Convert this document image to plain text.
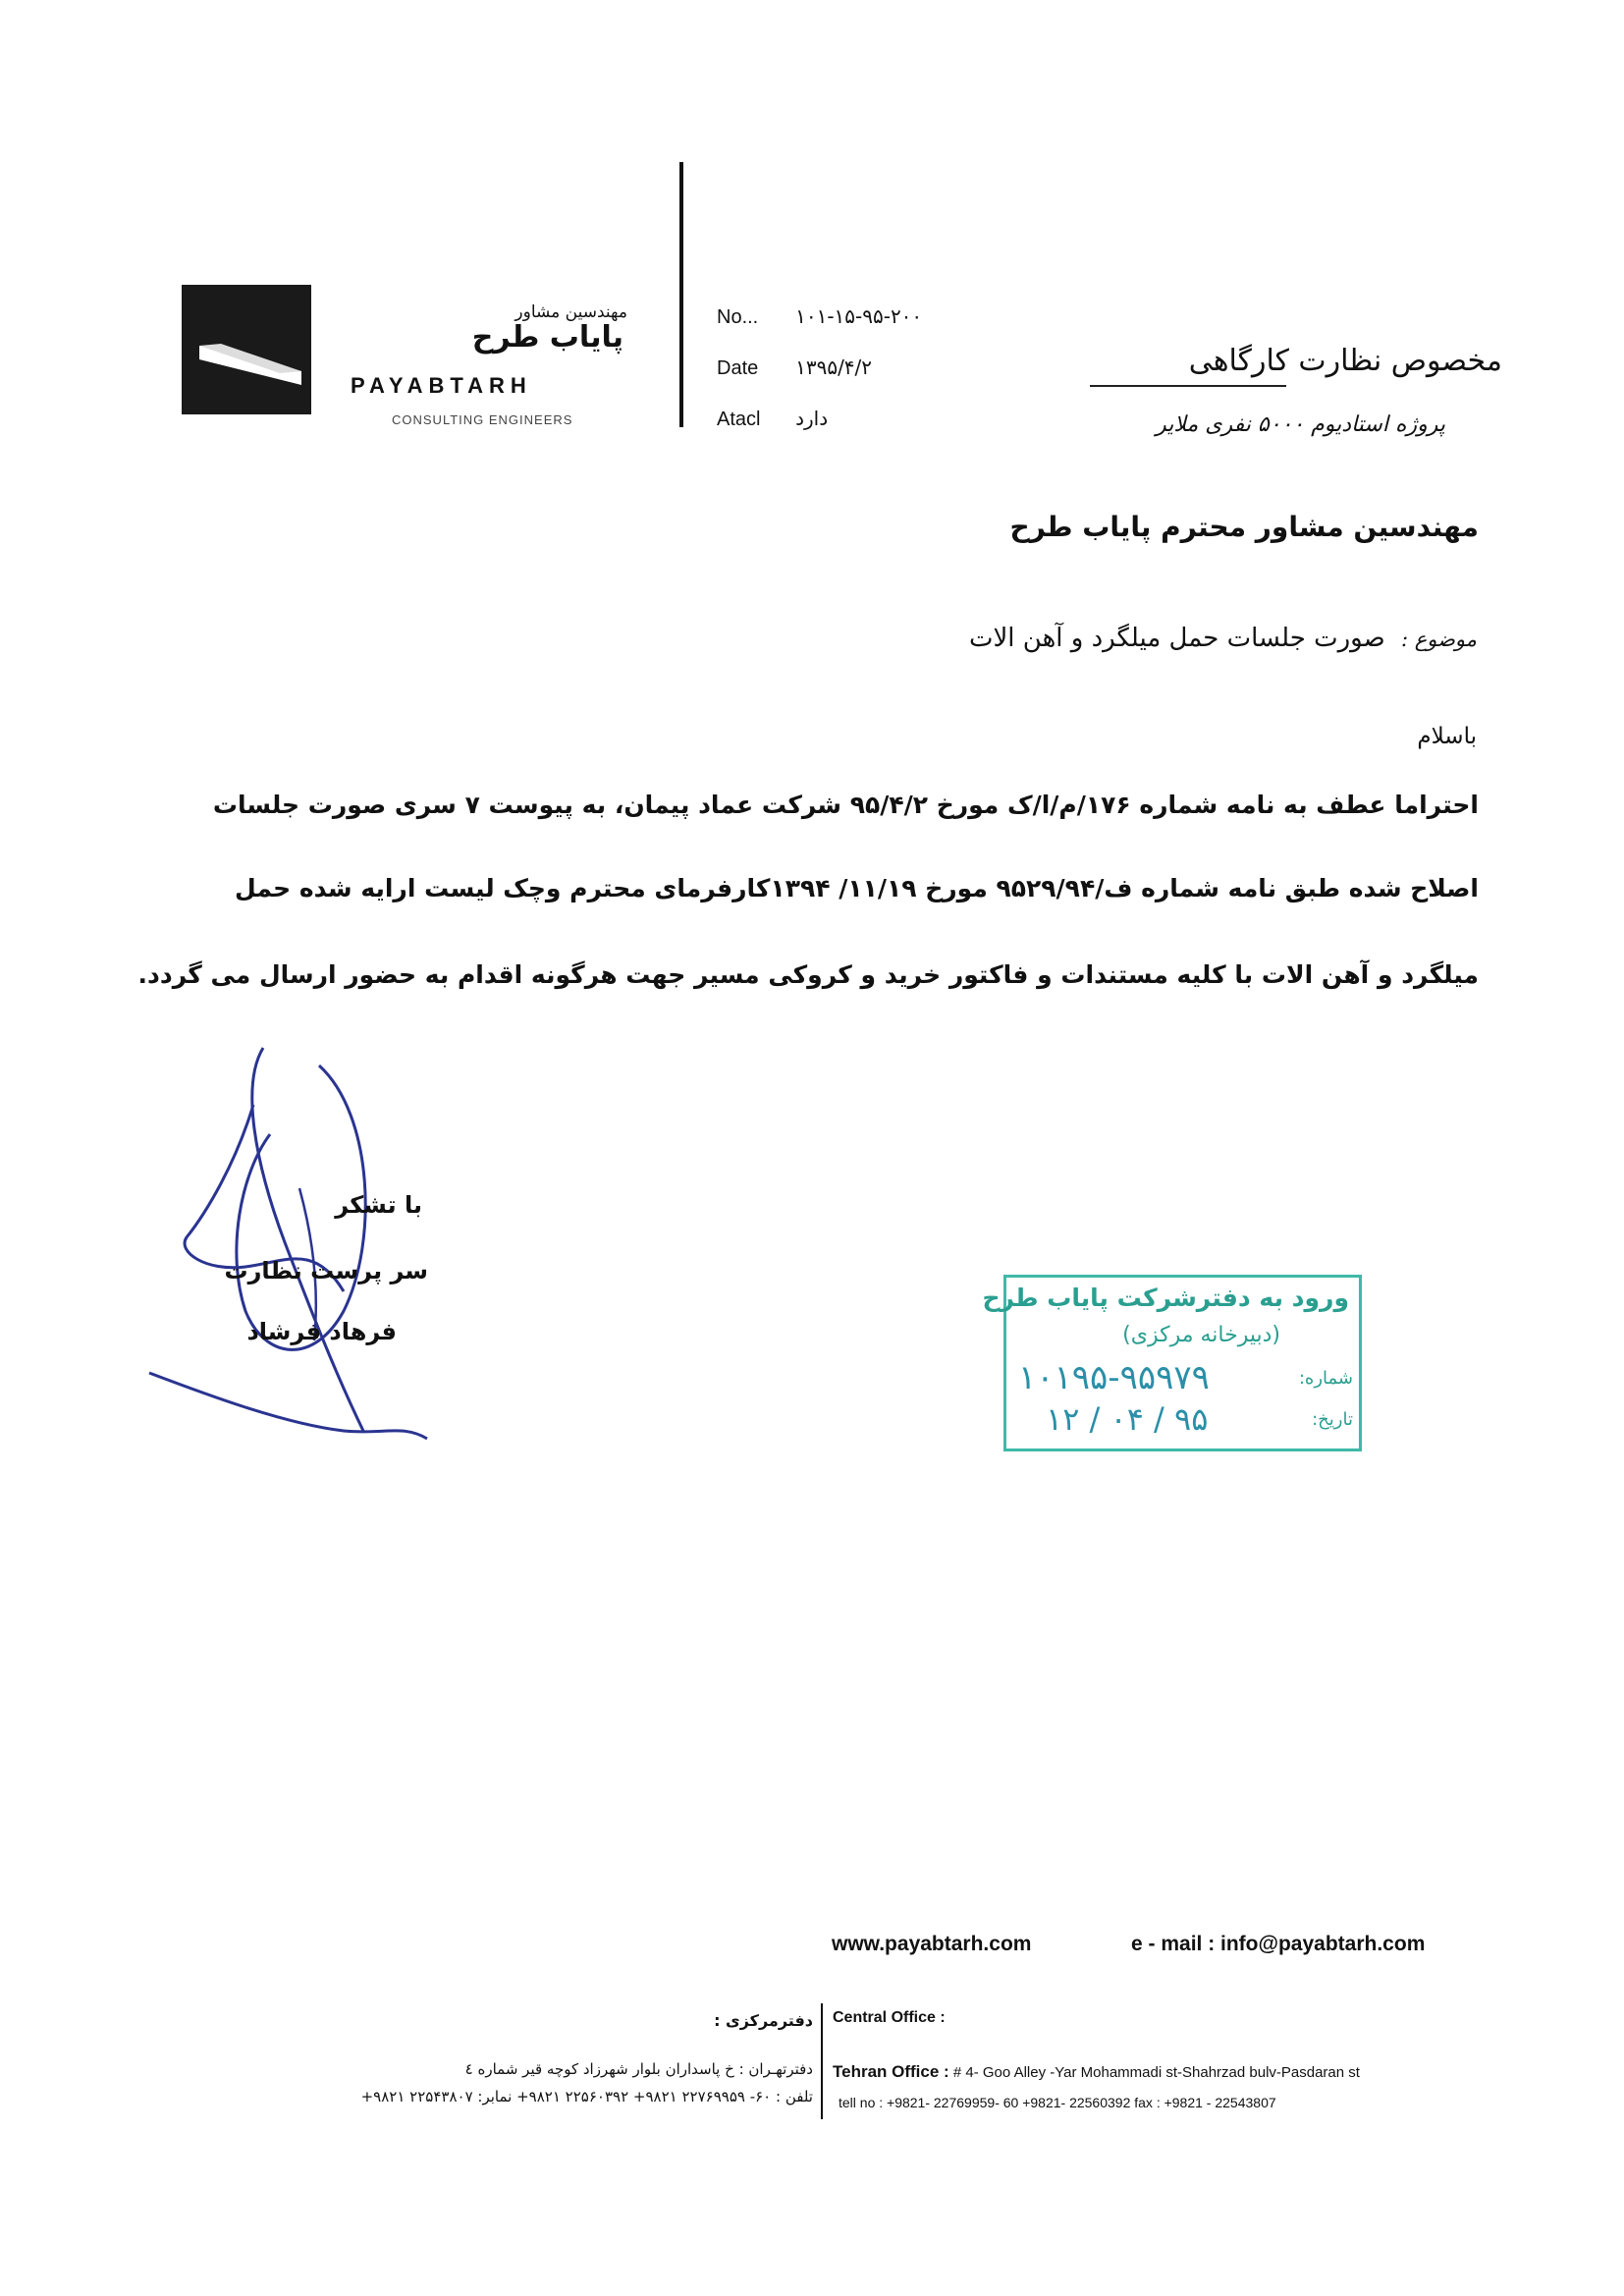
مهندسین مشاور
پایاب طرح
PAYABTARH
CONSULTING ENGINEERS
No... ۱۰۱-۱۵-۹۵-۲۰۰
Date ۱۳۹۵/۴/۲
Atacl دارد
مخصوص نظارت کارگاهی
پروژه استادیوم ۵۰۰۰ نفری ملایر
مهندسین مشاور محترم پایاب طرح
موضوع : صورت جلسات حمل میلگرد و آهن الات
باسلام
احتراما عطف به نامه شماره ۱۷۶/م/ا/ک مورخ ۹۵/۴/۲ شرکت عماد پیمان، به پیوست ۷ سری صورت جلسات
اصلاح شده طبق نامه شماره ف/۹۵۲۹/۹۴ مورخ ۱۱/۱۹/ ۱۳۹۴کارفرمای محترم وچک لیست ارایه شده حمل
میلگرد و آهن الات با کلیه مستندات و فاکتور خرید و کروکی مسیر جهت هرگونه اقدام به حضور ارسال می گردد.
با تشکر
سر پرست نظارت
فرهاد فرشاد
ورود به دفترشرکت پایاب طرح
(دبیرخانه مرکزی)
شماره:
تاریخ:
۱۰۱۹۵-۹۵۹۷۹
۹۵ / ۰۴ / ۱۲
www.payabtarh.com	e - mail : info@payabtarh.com
دفترمرکزی :
دفترتهـران : خ پاسداران بلوار شهرزاد کوچه قیر شماره ٤
تلفن : ۶۰- ۲۲۷۶۹۹۵۹ ۹۸۲۱+ ۲۲۵۶۰۳۹۲ ۹۸۲۱+ نمابر: ۲۲۵۴۳۸۰۷ ۹۸۲۱+
Central Office :
Tehran Office : # 4- Goo Alley -Yar Mohammadi st-Shahrzad bulv-Pasdaran st
tell no : +9821- 22769959- 60 +9821- 22560392 fax : +9821 - 22543807
